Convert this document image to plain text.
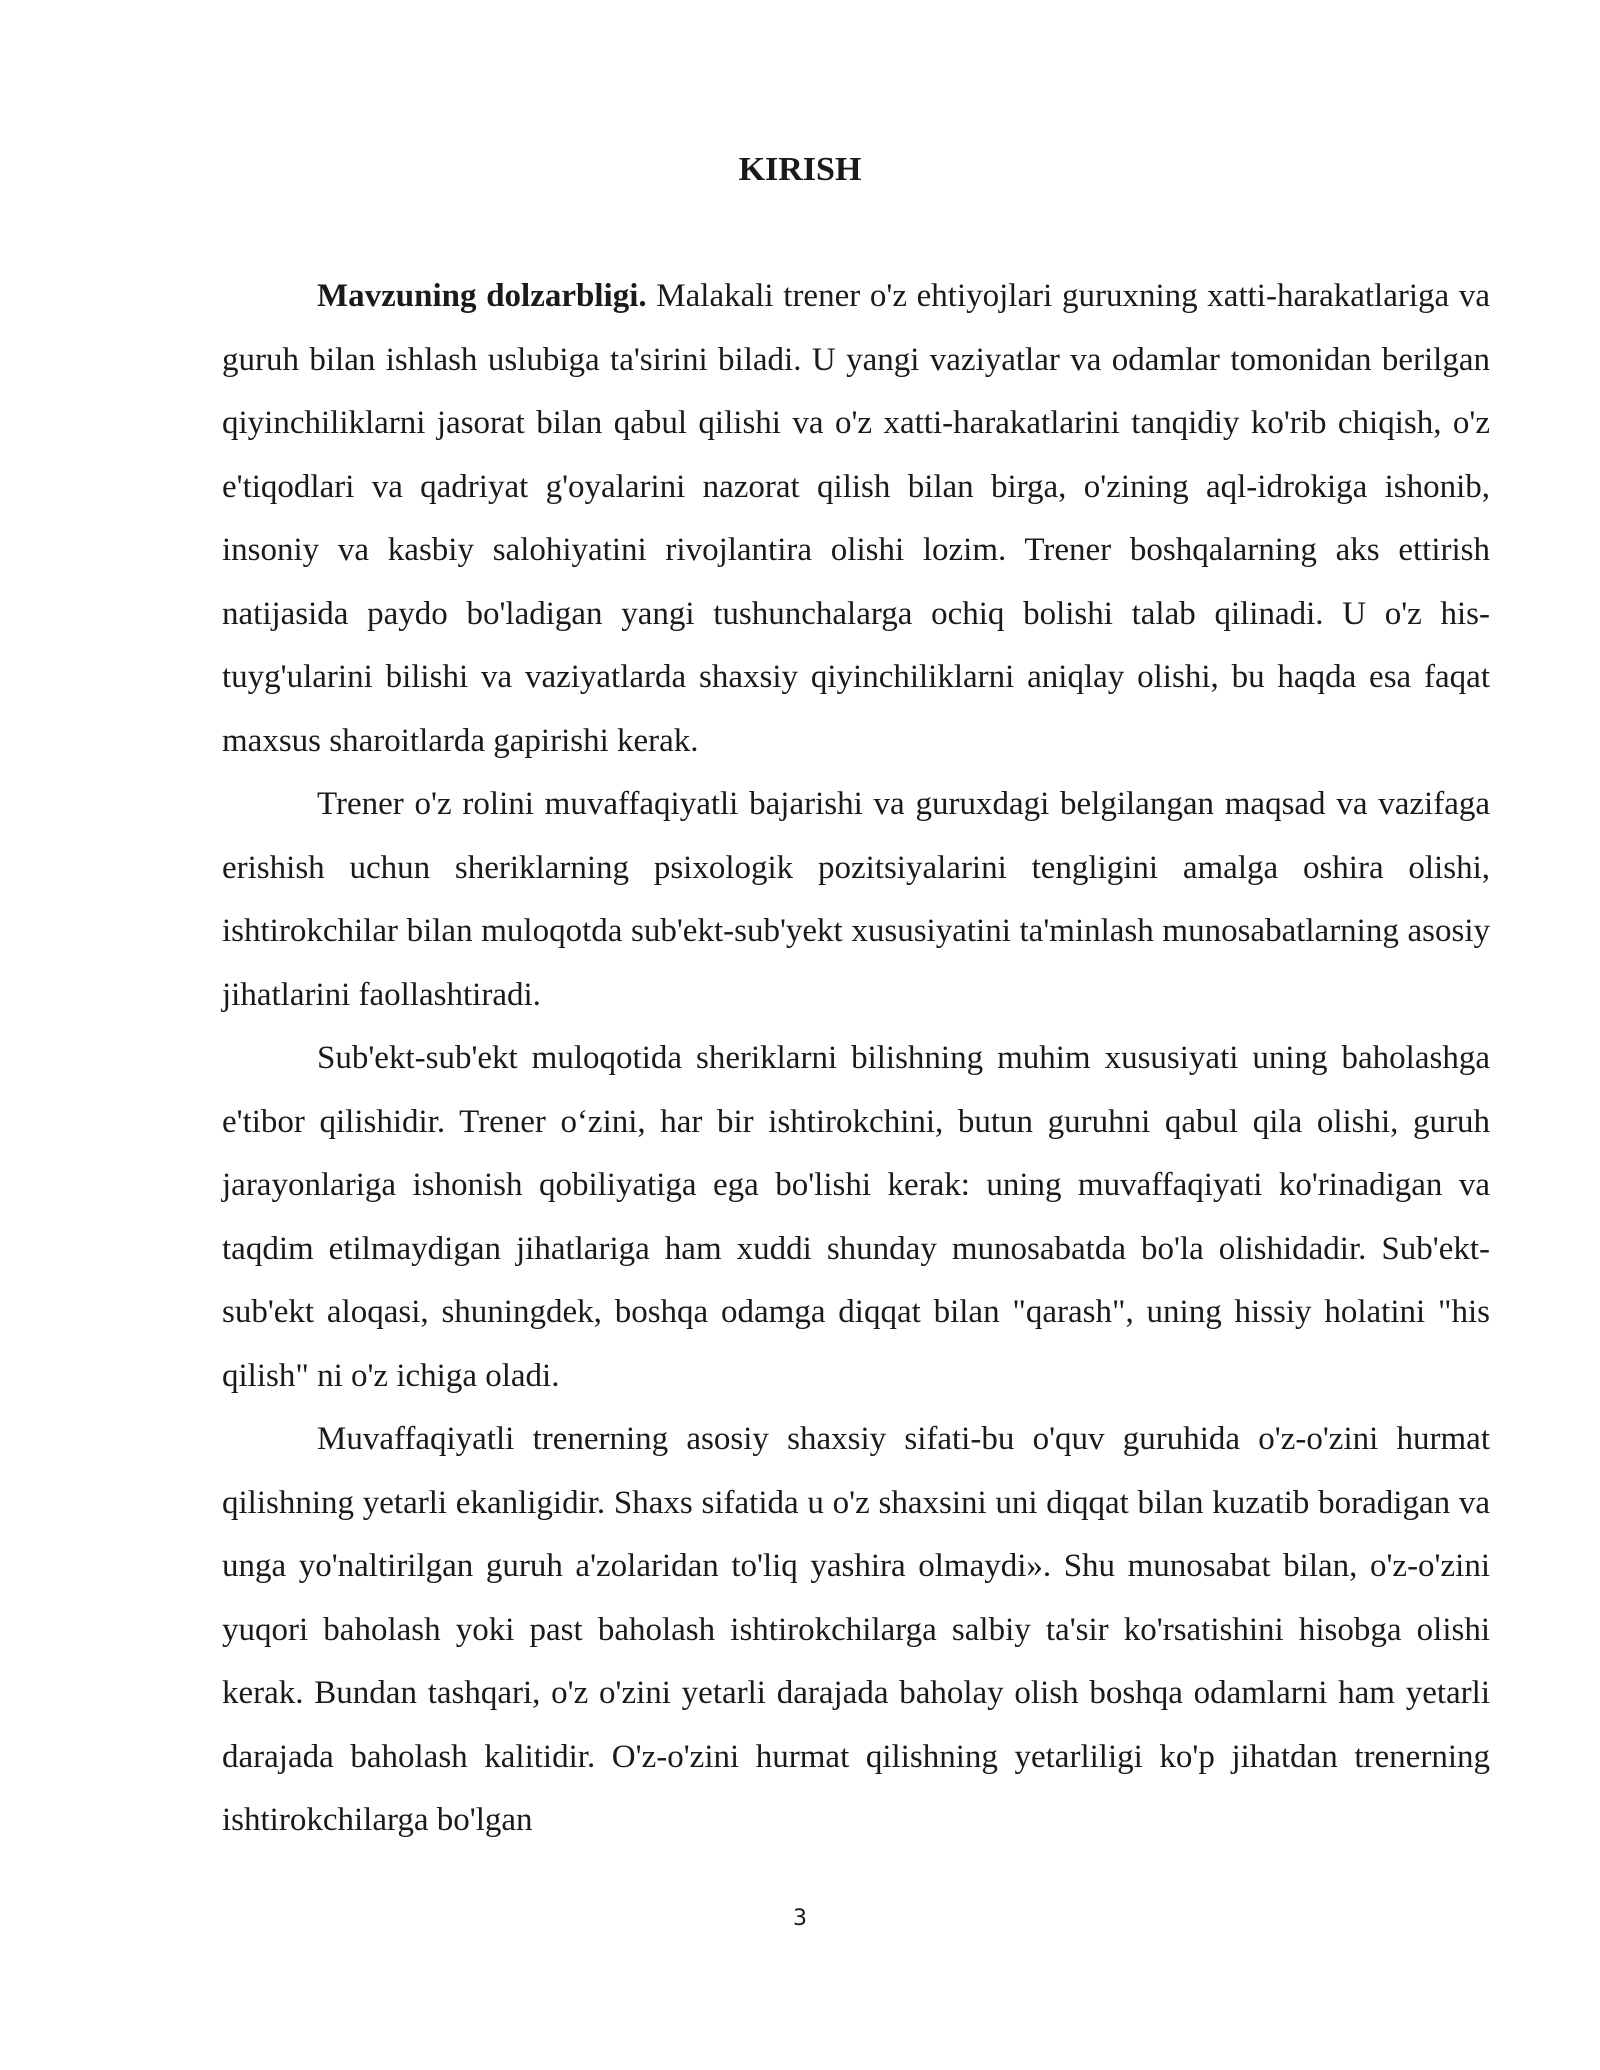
KIRISH

Mavzuning dolzarbligi. Malakali trener o'z ehtiyojlari guruxning xatti-harakatlariga va guruh bilan ishlash uslubiga ta'sirini biladi. U yangi vaziyatlar va odamlar tomonidan berilgan qiyinchiliklarni jasorat bilan qabul qilishi va o'z xatti-harakatlarini tanqidiy ko'rib chiqish, o'z e'tiqodlari va qadriyat g'oyalarini nazorat qilish bilan birga, o'zining aql-idrokiga ishonib, insoniy va kasbiy salohiyatini rivojlantira olishi lozim. Trener boshqalarning aks ettirish natijasida paydo bo'ladigan yangi tushunchalarga ochiq bolishi talab qilinadi. U o'z his-tuyg'ularini bilishi va vaziyatlarda shaxsiy qiyinchiliklarni aniqlay olishi, bu haqda esa faqat maxsus sharoitlarda gapirishi kerak.

Trener o'z rolini muvaffaqiyatli bajarishi va guruxdagi belgilangan maqsad va vazifaga erishish uchun sheriklarning psixologik pozitsiyalarini tengligini amalga oshira olishi, ishtirokchilar bilan muloqotda sub'ekt-sub'yekt xususiyatini ta'minlash munosabatlarning asosiy jihatlarini faollashtiradi.

Sub'ekt-sub'ekt muloqotida sheriklarni bilishning muhim xususiyati uning baholashga e'tibor qilishidir. Trener o‘zini, har bir ishtirokchini, butun guruhni qabul qila olishi, guruh jarayonlariga ishonish qobiliyatiga ega bo'lishi kerak: uning muvaffaqiyati ko'rinadigan va taqdim etilmaydigan jihatlariga ham xuddi shunday munosabatda bo'la olishidadir. Sub'ekt-sub'ekt aloqasi, shuningdek, boshqa odamga diqqat bilan "qarash", uning hissiy holatini "his qilish" ni o'z ichiga oladi.

Muvaffaqiyatli trenerning asosiy shaxsiy sifati-bu o'quv guruhida o'z-o'zini hurmat qilishning yetarli ekanligidir. Shaxs sifatida u o'z shaxsini uni diqqat bilan kuzatib boradigan va unga yo'naltirilgan guruh a'zolaridan to'liq yashira olmaydi». Shu munosabat bilan, o'z-o'zini yuqori baholash yoki past baholash ishtirokchilarga salbiy ta'sir ko'rsatishini hisobga olishi kerak. Bundan tashqari, o'z o'zini yetarli darajada baholay olish boshqa odamlarni ham yetarli darajada baholash kalitidir. O'z-o'zini hurmat qilishning yetarliligi ko'p jihatdan trenerning ishtirokchilarga bo'lgan

3
